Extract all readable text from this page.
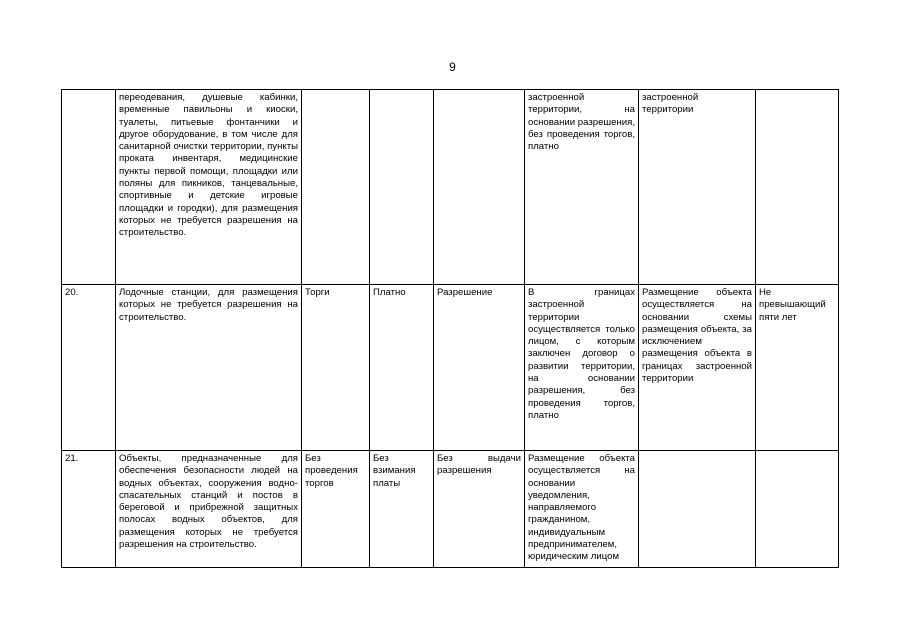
9
	переодевания, душевые кабинки, временные павильоны и киоски, туалеты, питьевые фонтанчики и другое оборудование, в том числе для санитарной очистки территории, пункты проката инвентаря, медицинские пункты первой помощи, площадки или поляны для пикников, танцевальные, спортивные и детские игровые площадки и городки), для размещения которых не требуется разрешения на строительство.				застроенной территории, на основании разрешения, без проведения торгов, платно	застроенной территории	
20.	Лодочные станции, для размещения которых не требуется разрешения на строительство.	Торги	Платно	Разрешение	В границах застроенной территории осуществляется только лицом, с которым заключен договор о развитии территории, на основании разрешения, без проведения торгов, платно	Размещение объекта осуществляется на основании схемы размещения объекта, за исключением размещения объекта в границах застроенной территории	Не превышающий пяти лет
21.	Объекты, предназначенные для обеспечения безопасности людей на водных объектах, сооружения водно-спасательных станций и постов в береговой и прибрежной защитных полосах водных объектов, для размещения которых не требуется разрешения на строительство.	Без проведения торгов	Без взимания платы	Без выдачи разрешения	Размещение объекта осуществляется на основании уведомления, направляемого гражданином, индивидуальным предпринимателем, юридическим лицом		
